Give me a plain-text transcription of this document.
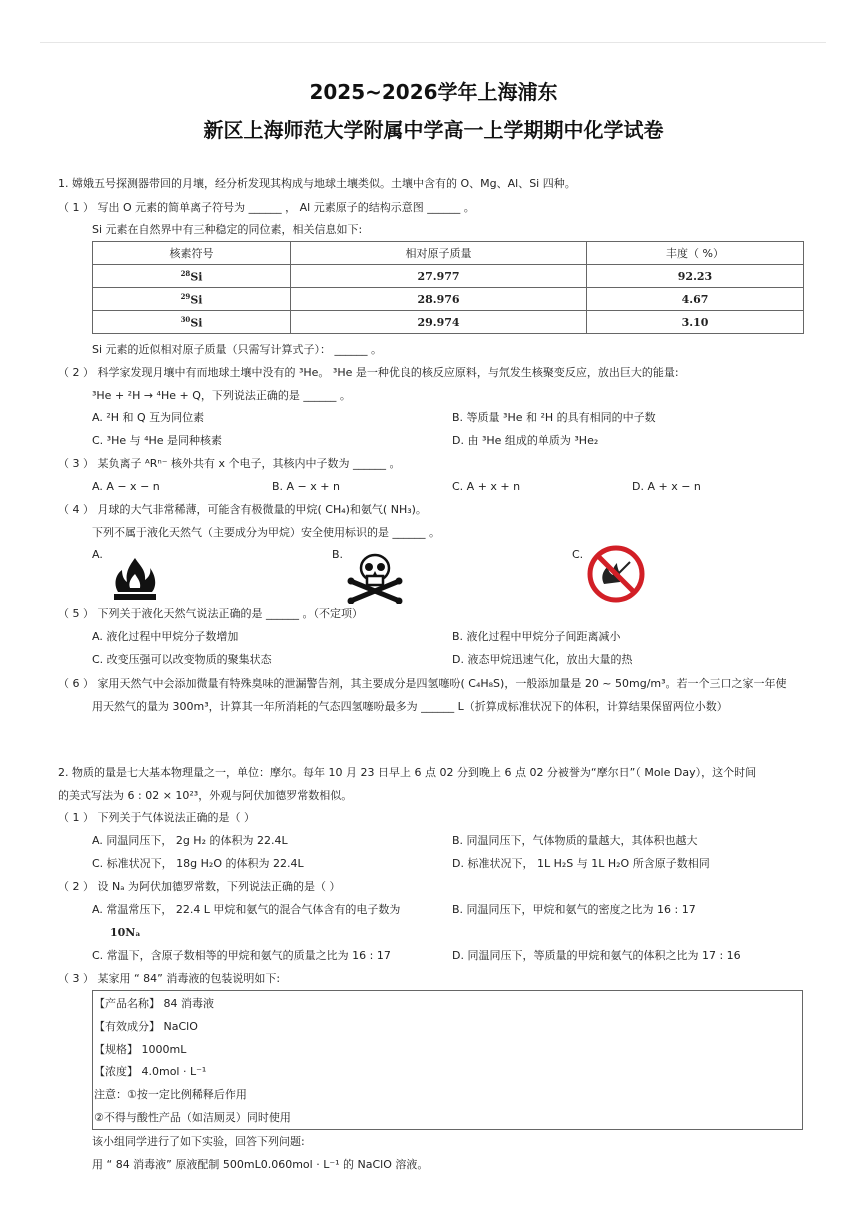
2025~2026学年上海浦东
新区上海师范大学附属中学高一上学期期中化学试卷
1. 嫦娥五号探测器带回的月壤，经分析发现其构成与地球土壤类似。土壤中含有的 O、Mg、Al、Si 四种。
（ 1 ） 写出 O 元素的简单离子符号为 ______ ， Al 元素原子的结构示意图 ______ 。
Si 元素在自然界中有三种稳定的同位素，相关信息如下:
核素符号	相对原子质量	丰度（ %）
$^{28}$Si	27.977	92.23
$^{29}$Si	28.976	4.67
$^{30}$Si	29.974	3.10
Si 元素的近似相对原子质量（只需写计算式子）： ______ 。
（ 2 ） 科学家发现月壤中有而地球土壤中没有的 ³He。 ³He 是一种优良的核反应原料，与氘发生核聚变反应，放出巨大的能量:
³He + ²H → ⁴He + Q，下列说法正确的是 ______ 。
A. ²H 和 Q 互为同位素	B. 等质量 ³He 和 ²H 的具有相同的中子数
C. ³He 与 ⁴He 是同种核素	D. 由 ³He 组成的单质为 ³He₂
（ 3 ） 某负离子 ᴬRⁿ⁻ 核外共有 x 个电子，其核内中子数为 ______ 。
A. A − x − n	B. A − x + n	C. A + x + n	D. A + x − n
（ 4 ） 月球的大气非常稀薄，可能含有极微量的甲烷( CH₄)和氨气( NH₃)。
下列不属于液化天然气（主要成分为甲烷）安全使用标识的是 ______ 。
A.	B.	C.
（ 5 ） 下列关于液化天然气说法正确的是 ______ 。（不定项）
A. 液化过程中甲烷分子数增加	B. 液化过程中甲烷分子间距离减小
C. 改变压强可以改变物质的聚集状态	D. 液态甲烷迅速气化，放出大量的热
（ 6 ） 家用天然气中会添加微量有特殊臭味的泄漏警告剂，其主要成分是四氢噻吩( C₄H₈S)，一般添加量是 20 ~ 50mg/m³。若一个三口之家一年使
用天然气的量为 300m³，计算其一年所消耗的气态四氢噻吩最多为 ______ L（折算成标准状况下的体积，计算结果保留两位小数）
2. 物质的量是七大基本物理量之一，单位：摩尔。每年 10 月 23 日早上 6 点 02 分到晚上 6 点 02 分被誉为“摩尔日”（ Mole Day），这个时间
的美式写法为 6 : 02 × 10²³，外观与阿伏加德罗常数相似。
（ 1 ） 下列关于气体说法正确的是（ ）
A. 同温同压下， 2g H₂ 的体积为 22.4L	B. 同温同压下，气体物质的量越大，其体积也越大
C. 标准状况下， 18g H₂O 的体积为 22.4L	D. 标准状况下， 1L H₂S 与 1L H₂O 所含原子数相同
（ 2 ） 设 Nₐ 为阿伏加德罗常数，下列说法正确的是（ ）
A. 常温常压下， 22.4 L 甲烷和氨气的混合气体含有的电子数为
10Nₐ
B. 同温同压下，甲烷和氨气的密度之比为 16 : 17
C. 常温下，含原子数相等的甲烷和氨气的质量之比为 16 : 17	D. 同温同压下，等质量的甲烷和氨气的体积之比为 17 : 16
（ 3 ） 某家用 “ 84” 消毒液的包装说明如下:
【产品名称】 84 消毒液
【有效成分】 NaClO
【规格】 1000mL
【浓度】 4.0mol · L⁻¹
注意：①按一定比例稀释后作用
②不得与酸性产品（如洁厕灵）同时使用
该小组同学进行了如下实验，回答下列问题:
用 “ 84 消毒液” 原液配制 500mL0.060mol · L⁻¹ 的 NaClO 溶液。
